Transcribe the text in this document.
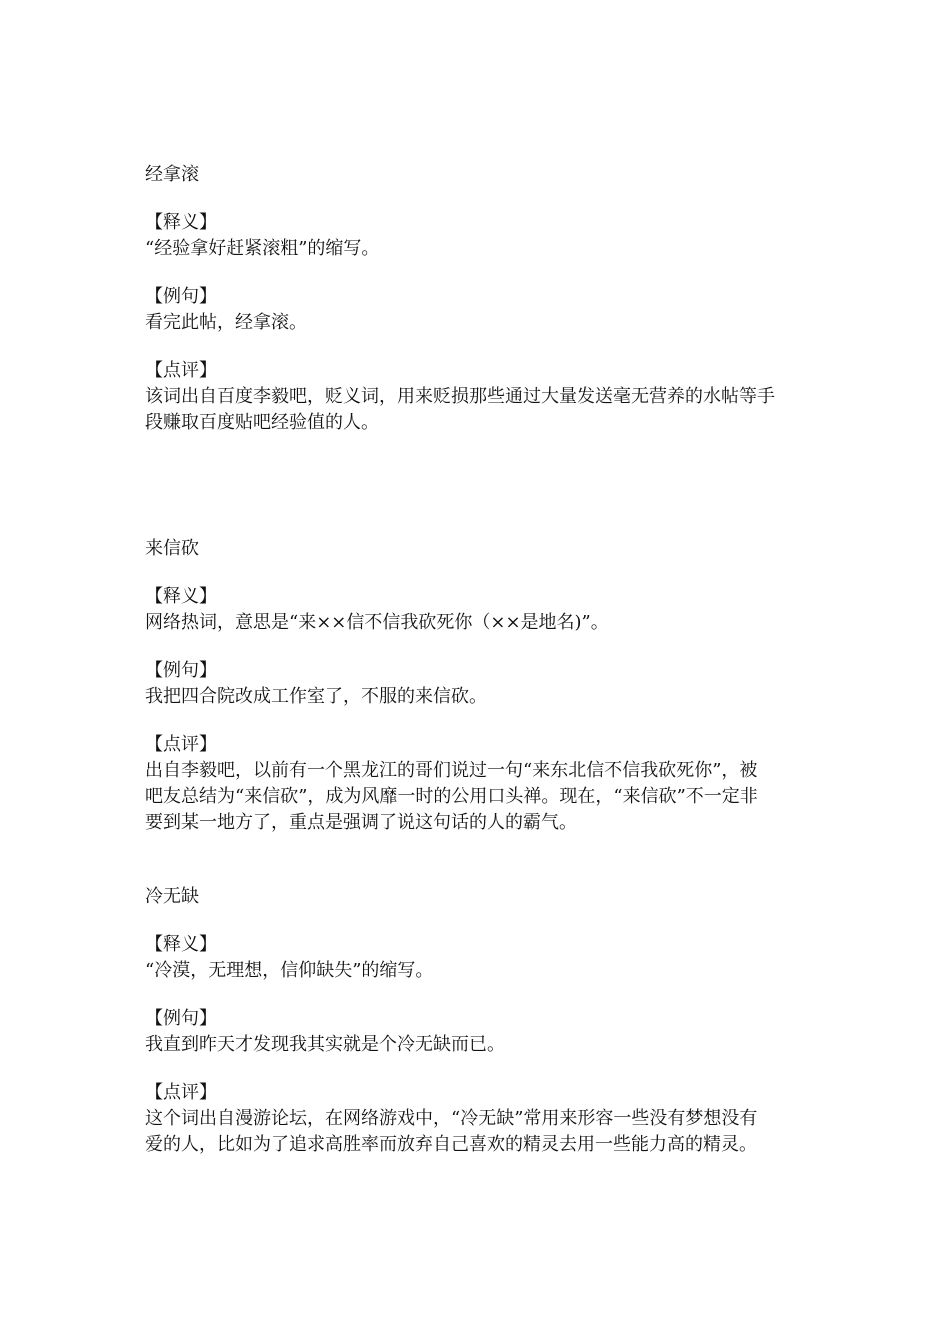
经拿滚
【释义】
“经验拿好赶紧滚粗”的缩写。
【例句】
看完此帖，经拿滚。
【点评】
该词出自百度李毅吧，贬义词，用来贬损那些通过大量发送毫无营养的水帖等手
段赚取百度贴吧经验值的人。
来信砍
【释义】
网络热词，意思是“来××信不信我砍死你（××是地名)”。
【例句】
我把四合院改成工作室了，不服的来信砍。
【点评】
出自李毅吧，以前有一个黑龙江的哥们说过一句“来东北信不信我砍死你”，被
吧友总结为“来信砍”，成为风靡一时的公用口头禅。现在，“来信砍”不一定非
要到某一地方了，重点是强调了说这句话的人的霸气。
冷无缺
【释义】
“冷漠，无理想，信仰缺失”的缩写。
【例句】
我直到昨天才发现我其实就是个冷无缺而已。
【点评】
这个词出自漫游论坛，在网络游戏中，“冷无缺”常用来形容一些没有梦想没有
爱的人，比如为了追求高胜率而放弃自己喜欢的精灵去用一些能力高的精灵。
